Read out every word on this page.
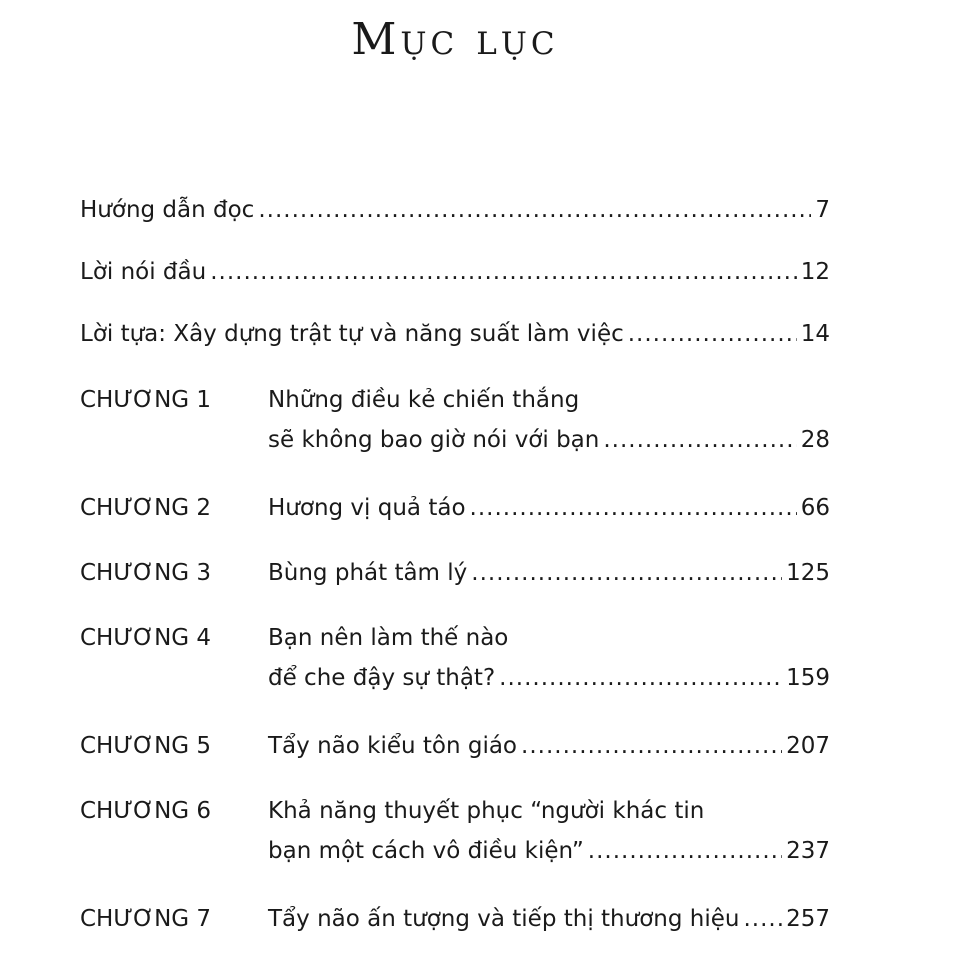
Mục lục
Hướng dẫn đọc .....	7
Lời nói đầu .....	12
Lời tựa: Xây dựng trật tự và năng suất làm việc .....	14
CHƯƠNG 1	Những điều kẻ chiến thắng
sẽ không bao giờ nói với bạn .....	28
CHƯƠNG 2	Hương vị quả táo .....	66
CHƯƠNG 3	Bùng phát tâm lý .....	125
CHƯƠNG 4	Bạn nên làm thế nào
để che đậy sự thật? .....	159
CHƯƠNG 5	Tẩy não kiểu tôn giáo .....	207
CHƯƠNG 6	Khả năng thuyết phục “người khác tin
bạn một cách vô điều kiện” .....	237
CHƯƠNG 7	Tẩy não ấn tượng và tiếp thị thương hiệu ..... 257
